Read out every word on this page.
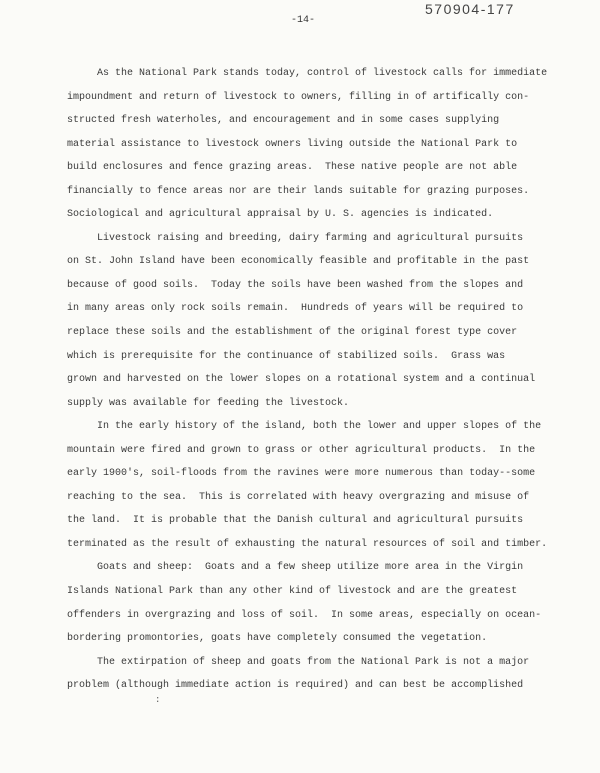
570904-177
-14-
As the National Park stands today, control of livestock calls for immediate
impoundment and return of livestock to owners, filling in of artifically con-
structed fresh waterholes, and encouragement and in some cases supplying
material assistance to livestock owners living outside the National Park to
build enclosures and fence grazing areas.  These native people are not able
financially to fence areas nor are their lands suitable for grazing purposes.
Sociological and agricultural appraisal by U. S. agencies is indicated.
Livestock raising and breeding, dairy farming and agricultural pursuits
on St. John Island have been economically feasible and profitable in the past
because of good soils.  Today the soils have been washed from the slopes and
in many areas only rock soils remain.  Hundreds of years will be required to
replace these soils and the establishment of the original forest type cover
which is prerequisite for the continuance of stabilized soils.  Grass was
grown and harvested on the lower slopes on a rotational system and a continual
supply was available for feeding the livestock.
In the early history of the island, both the lower and upper slopes of the
mountain were fired and grown to grass or other agricultural products.  In the
early 1900's, soil-floods from the ravines were more numerous than today--some
reaching to the sea.  This is correlated with heavy overgrazing and misuse of
the land.  It is probable that the Danish cultural and agricultural pursuits
terminated as the result of exhausting the natural resources of soil and timber.
Goats and sheep:  Goats and a few sheep utilize more area in the Virgin
Islands National Park than any other kind of livestock and are the greatest
offenders in overgrazing and loss of soil.  In some areas, especially on ocean-
bordering promontories, goats have completely consumed the vegetation.
The extirpation of sheep and goats from the National Park is not a major
problem (although immediate action is required) and can best be accomplished
:
